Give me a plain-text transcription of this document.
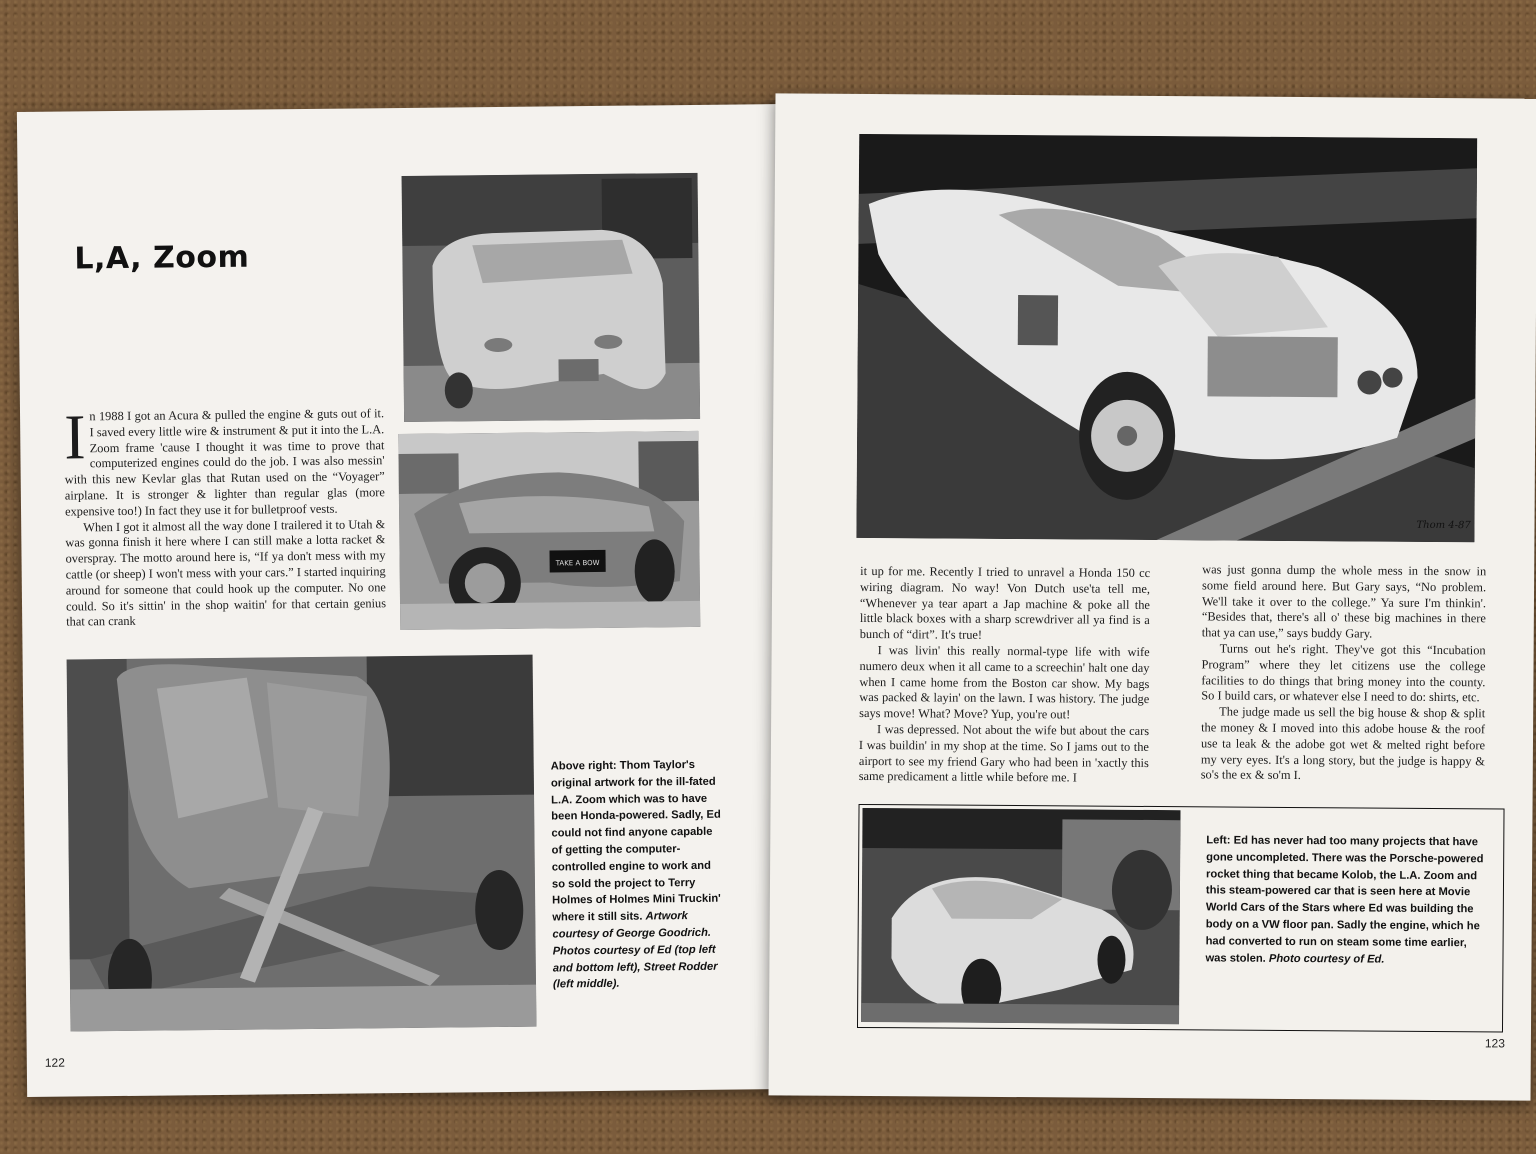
L,A, Zoom
TAKE A BOW

In 1988 I got an Acura & pulled the engine & guts out of it. I saved every little wire & instrument & put it into the L.A. Zoom frame 'cause I thought it was time to prove that computerized engines could do the job. I was also messin' with this new Kevlar glas that Rutan used on the “Voyager” airplane. It is stronger & lighter than regular glas (more expensive too!) In fact they use it for bulletproof vests.

When I got it almost all the way done I trailered it to Utah & was gonna finish it here where I can still make a lotta racket & overspray. The motto around here is, “If ya don't mess with my cattle (or sheep) I won't mess with your cars.” I started inquiring around for someone that could hook up the computer. No one could. So it's sittin' in the shop waitin' for that certain genius that can crank

Above right: Thom Taylor's original artwork for the ill-fated L.A. Zoom which was to have been Honda-powered. Sadly, Ed could not find anyone capable of getting the computer-controlled engine to work and so sold the project to Terry Holmes of Holmes Mini Truckin' where it still sits. Artwork courtesy of George Goodrich. Photos courtesy of Ed (top left and bottom left), Street Rodder (left middle).
122
Thom 4-87

it up for me. Recently I tried to unravel a Honda 150 cc wiring diagram. No way! Von Dutch use'ta tell me, “Whenever ya tear apart a Jap machine & poke all the little black boxes with a sharp screwdriver all ya find is a bunch of “dirt”. It's true!

I was livin' this really normal-type life with wife numero deux when it all came to a screechin' halt one day when I came home from the Boston car show. My bags was packed & layin' on the lawn. I was history. The judge says move! What? Move? Yup, you're out!

I was depressed. Not about the wife but about the cars I was buildin' in my shop at the time. So I jams out to the airport to see my friend Gary who had been in 'xactly this same predicament a little while before me. I

was just gonna dump the whole mess in the snow in some field around here. But Gary says, “No problem. We'll take it over to the college.” Ya sure I'm thinkin'. “Besides that, there's all o' these big machines in there that ya can use,” says buddy Gary.

Turns out he's right. They've got this “Incubation Program” where they let citizens use the college facilities to do things that bring money into the county. So I build cars, or whatever else I need to do: shirts, etc.

The judge made us sell the big house & shop & split the money & I moved into this adobe house & the roof use ta leak & the adobe got wet & melted right before my very eyes. It's a long story, but the judge is happy & so's the ex & so'm I.

Left: Ed has never had too many projects that have gone uncompleted. There was the Porsche-powered rocket thing that became Kolob, the L.A. Zoom and this steam-powered car that is seen here at Movie World Cars of the Stars where Ed was building the body on a VW floor pan. Sadly the engine, which he had converted to run on steam some time earlier, was stolen. Photo courtesy of Ed.
123
